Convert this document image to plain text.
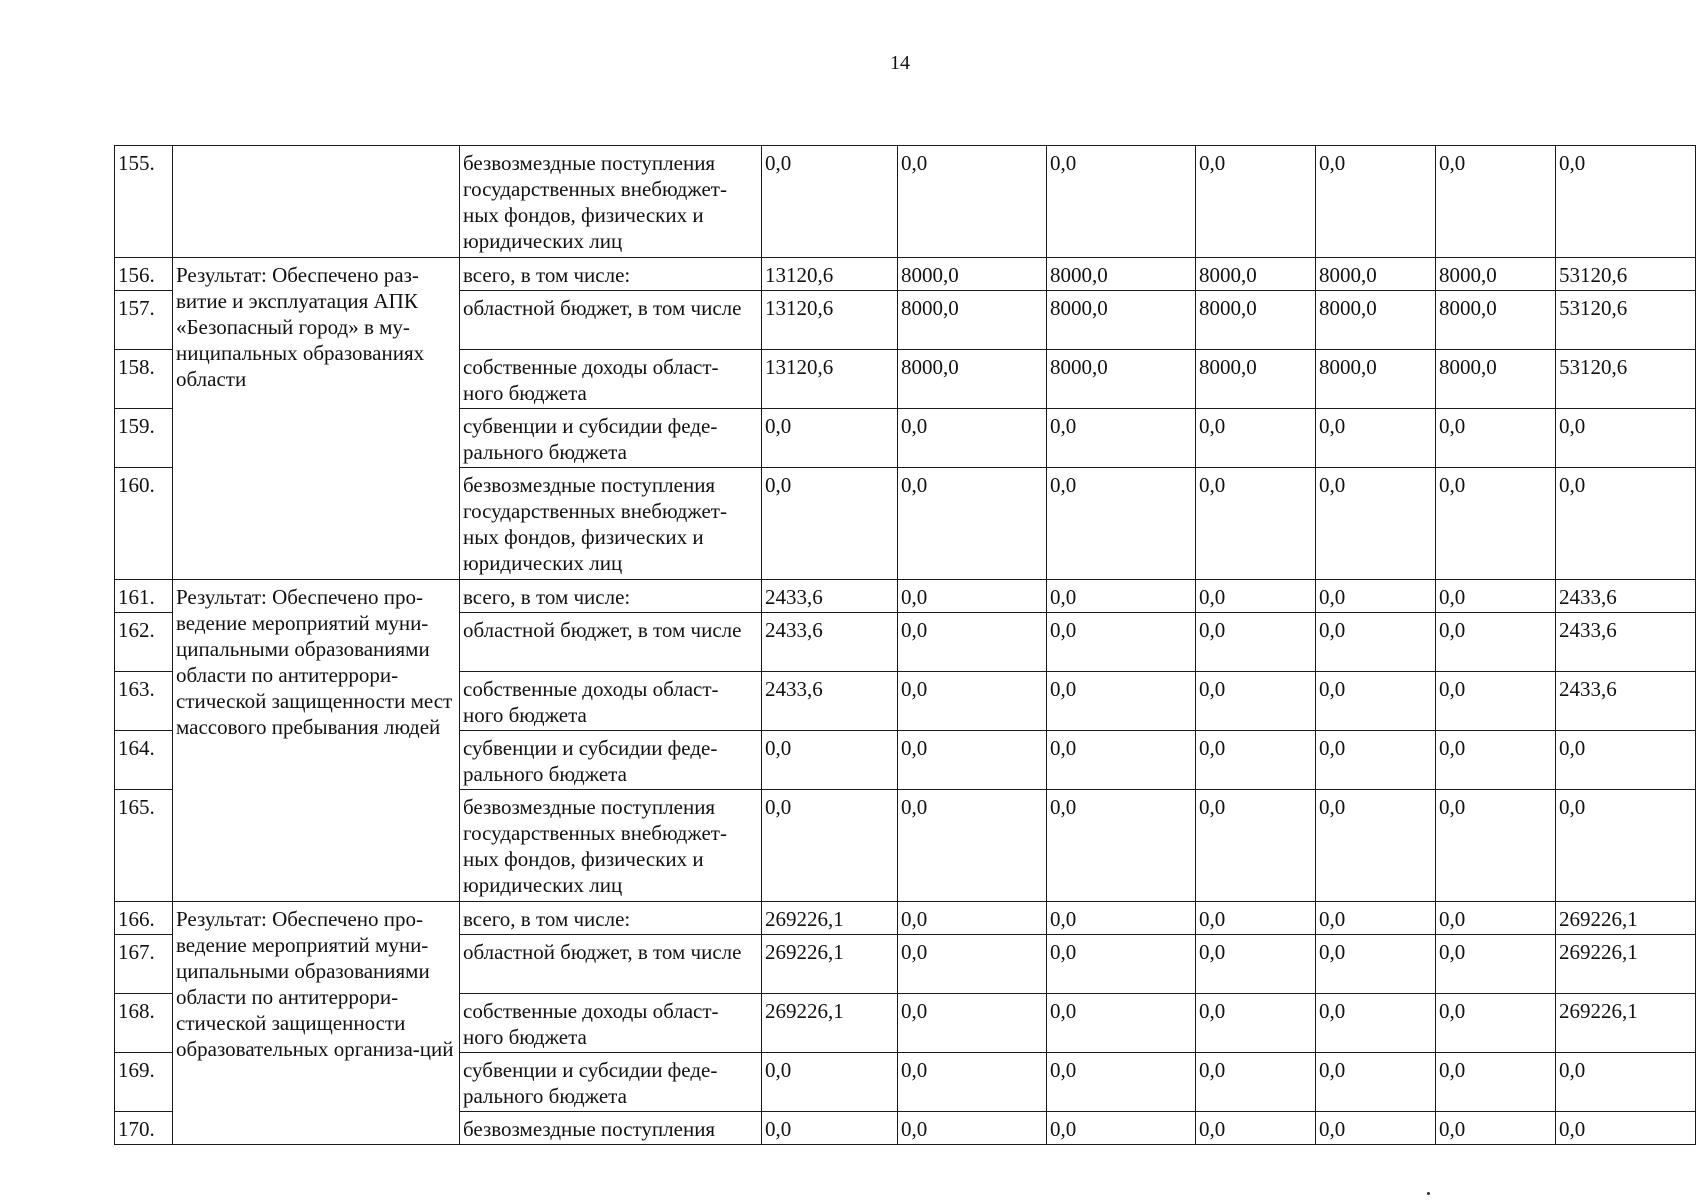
14
155.		безвозмездные поступления государственных внебюджет-ных фондов, физических и юридических лиц	0,0	0,0	0,0	0,0	0,0	0,0	0,0
156.	Результат: Обеспечено раз-витие и эксплуатация АПК «Безопасный город» в му-ниципальных образованиях области	всего, в том числе:	13120,6	8000,0	8000,0	8000,0	8000,0	8000,0	53120,6
157.		областной бюджет, в том числе	13120,6	8000,0	8000,0	8000,0	8000,0	8000,0	53120,6
158.		собственные доходы област-ного бюджета	13120,6	8000,0	8000,0	8000,0	8000,0	8000,0	53120,6
159.		субвенции и субсидии феде-рального бюджета	0,0	0,0	0,0	0,0	0,0	0,0	0,0
160.		безвозмездные поступления государственных внебюджет-ных фондов, физических и юридических лиц	0,0	0,0	0,0	0,0	0,0	0,0	0,0
161.	Результат: Обеспечено про-ведение мероприятий муни-ципальными образованиями области по антитеррори-стической защищенности мест массового пребывания людей	всего, в том числе:	2433,6	0,0	0,0	0,0	0,0	0,0	2433,6
162.		областной бюджет, в том числе	2433,6	0,0	0,0	0,0	0,0	0,0	2433,6
163.		собственные доходы област-ного бюджета	2433,6	0,0	0,0	0,0	0,0	0,0	2433,6
164.		субвенции и субсидии феде-рального бюджета	0,0	0,0	0,0	0,0	0,0	0,0	0,0
165.		безвозмездные поступления государственных внебюджет-ных фондов, физических и юридических лиц	0,0	0,0	0,0	0,0	0,0	0,0	0,0
166.	Результат: Обеспечено про-ведение мероприятий муни-ципальными образованиями области по антитеррори-стической защищенности образовательных организа-ций	всего, в том числе:	269226,1	0,0	0,0	0,0	0,0	0,0	269226,1
167.		областной бюджет, в том числе	269226,1	0,0	0,0	0,0	0,0	0,0	269226,1
168.		собственные доходы област-ного бюджета	269226,1	0,0	0,0	0,0	0,0	0,0	269226,1
169.		субвенции и субсидии феде-рального бюджета	0,0	0,0	0,0	0,0	0,0	0,0	0,0
170.		безвозмездные поступления	0,0	0,0	0,0	0,0	0,0	0,0	0,0
